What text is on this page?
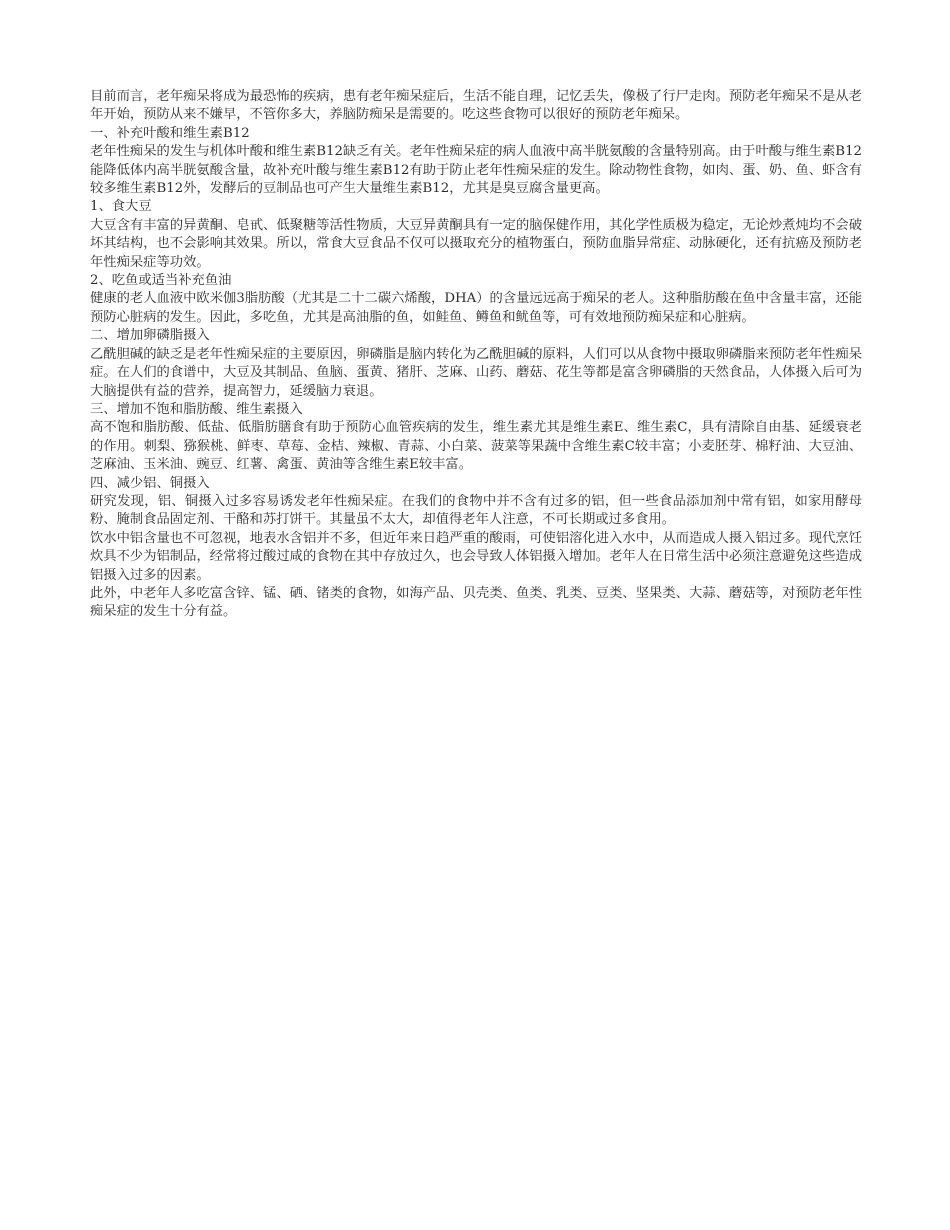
目前而言，老年痴呆将成为最恐怖的疾病，患有老年痴呆症后，生活不能自理，记忆丢失，像极了行尸走肉。预防老年痴呆不是从老年开始，预防从来不嫌早，不管你多大，养脑防痴呆是需要的。吃这些食物可以很好的预防老年痴呆。

一、补充叶酸和维生素B12

老年性痴呆的发生与机体叶酸和维生素B12缺乏有关。老年性痴呆症的病人血液中高半胱氨酸的含量特别高。由于叶酸与维生素B12能降低体内高半胱氨酸含量，故补充叶酸与维生素B12有助于防止老年性痴呆症的发生。除动物性食物，如肉、蛋、奶、鱼、虾含有较多维生素B12外，发酵后的豆制品也可产生大量维生素B12，尤其是臭豆腐含量更高。

1、食大豆

大豆含有丰富的异黄酮、皂甙、低聚糖等活性物质，大豆异黄酮具有一定的脑保健作用，其化学性质极为稳定，无论炒煮炖均不会破坏其结构，也不会影响其效果。所以，常食大豆食品不仅可以摄取充分的植物蛋白，预防血脂异常症、动脉硬化，还有抗癌及预防老年性痴呆症等功效。

2、吃鱼或适当补充鱼油

健康的老人血液中欧米伽3脂肪酸（尤其是二十二碳六烯酸，DHA）的含量远远高于痴呆的老人。这种脂肪酸在鱼中含量丰富，还能预防心脏病的发生。因此，多吃鱼，尤其是高油脂的鱼，如鲑鱼、鳟鱼和鱿鱼等，可有效地预防痴呆症和心脏病。

二、增加卵磷脂摄入

乙酰胆碱的缺乏是老年性痴呆症的主要原因，卵磷脂是脑内转化为乙酰胆碱的原料，人们可以从食物中摄取卵磷脂来预防老年性痴呆症。在人们的食谱中，大豆及其制品、鱼脑、蛋黄、猪肝、芝麻、山药、蘑菇、花生等都是富含卵磷脂的天然食品，人体摄入后可为大脑提供有益的营养，提高智力，延缓脑力衰退。

三、增加不饱和脂肪酸、维生素摄入

高不饱和脂肪酸、低盐、低脂肪膳食有助于预防心血管疾病的发生，维生素尤其是维生素E、维生素C，具有清除自由基、延缓衰老的作用。刺梨、猕猴桃、鲜枣、草莓、金桔、辣椒、青蒜、小白菜、菠菜等果蔬中含维生素C较丰富；小麦胚芽、棉籽油、大豆油、芝麻油、玉米油、豌豆、红薯、禽蛋、黄油等含维生素E较丰富。

四、减少铝、铜摄入

研究发现，铝、铜摄入过多容易诱发老年性痴呆症。在我们的食物中并不含有过多的铝，但一些食品添加剂中常有铝，如家用酵母粉、腌制食品固定剂、干酪和苏打饼干。其量虽不太大，却值得老年人注意，不可长期或过多食用。

饮水中铝含量也不可忽视，地表水含铝并不多，但近年来日趋严重的酸雨，可使铝溶化进入水中，从而造成人摄入铝过多。现代烹饪炊具不少为铝制品，经常将过酸过咸的食物在其中存放过久，也会导致人体铝摄入增加。老年人在日常生活中必须注意避免这些造成铝摄入过多的因素。

此外，中老年人多吃富含锌、锰、硒、锗类的食物，如海产品、贝壳类、鱼类、乳类、豆类、坚果类、大蒜、蘑菇等，对预防老年性痴呆症的发生十分有益。
